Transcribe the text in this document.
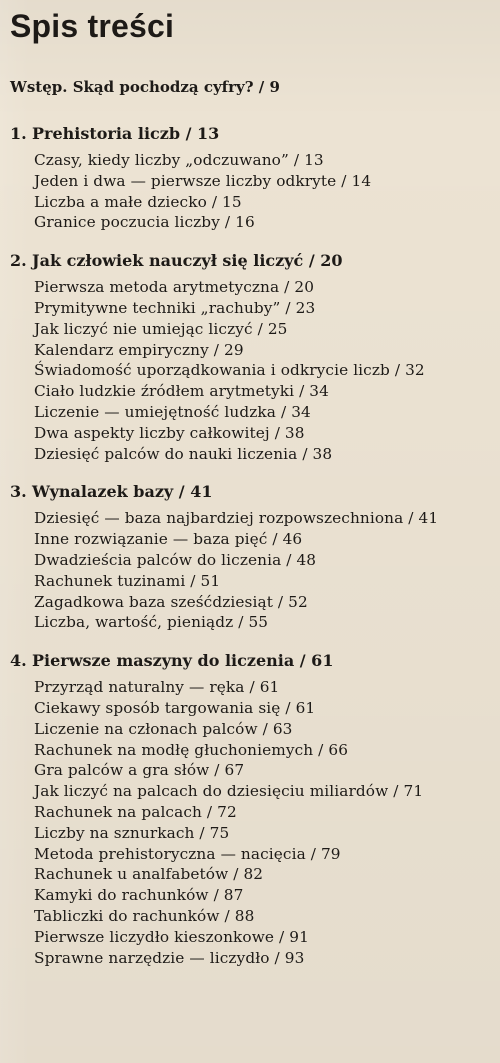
Spis treści
Wstęp. Skąd pochodzą cyfry? / 9
1. Prehistoria liczb / 13
Czasy, kiedy liczby „odczuwano” / 13
Jeden i dwa — pierwsze liczby odkryte / 14
Liczba a małe dziecko / 15
Granice poczucia liczby / 16
2. Jak człowiek nauczył się liczyć / 20
Pierwsza metoda arytmetyczna / 20
Prymitywne techniki „rachuby” / 23
Jak liczyć nie umiejąc liczyć / 25
Kalendarz empiryczny / 29
Świadomość uporządkowania i odkrycie liczb / 32
Ciało ludzkie źródłem arytmetyki / 34
Liczenie — umiejętność ludzka / 34
Dwa aspekty liczby całkowitej / 38
Dziesięć palców do nauki liczenia / 38
3. Wynalazek bazy / 41
Dziesięć — baza najbardziej rozpowszechniona / 41
Inne rozwiązanie — baza pięć / 46
Dwadzieścia palców do liczenia / 48
Rachunek tuzinami / 51
Zagadkowa baza sześćdziesiąt / 52
Liczba, wartość, pieniądz / 55
4. Pierwsze maszyny do liczenia / 61
Przyrząd naturalny — ręka / 61
Ciekawy sposób targowania się / 61
Liczenie na członach palców / 63
Rachunek na modłę głuchoniemych / 66
Gra palców a gra słów / 67
Jak liczyć na palcach do dziesięciu miliardów / 71
Rachunek na palcach / 72
Liczby na sznurkach / 75
Metoda prehistoryczna — nacięcia / 79
Rachunek u analfabetów / 82
Kamyki do rachunków / 87
Tabliczki do rachunków / 88
Pierwsze liczydło kieszonkowe / 91
Sprawne narzędzie — liczydło / 93
